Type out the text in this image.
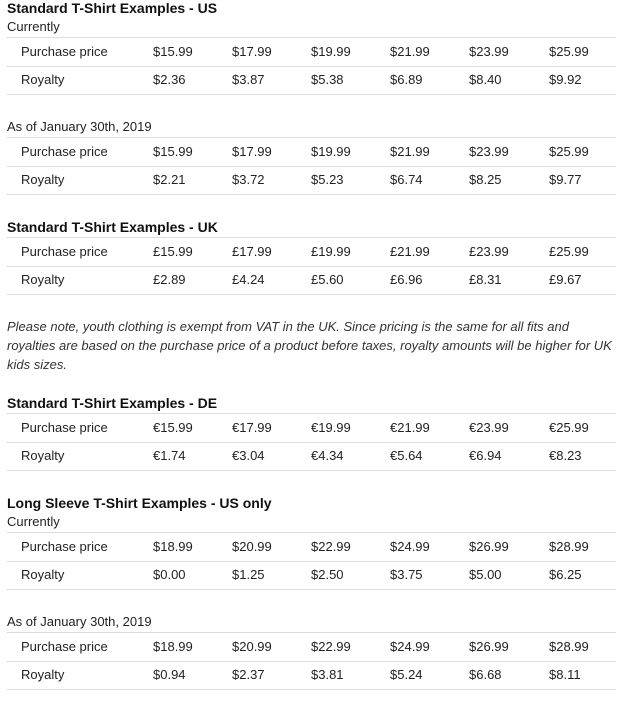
Standard T-Shirt Examples - US
Currently
Purchase price	$15.99	$17.99	$19.99	$21.99	$23.99	$25.99
Royalty	$2.36	$3.87	$5.38	$6.89	$8.40	$9.92
As of January 30th, 2019
Purchase price	$15.99	$17.99	$19.99	$21.99	$23.99	$25.99
Royalty	$2.21	$3.72	$5.23	$6.74	$8.25	$9.77
Standard T-Shirt Examples - UK
Purchase price	£15.99	£17.99	£19.99	£21.99	£23.99	£25.99
Royalty	£2.89	£4.24	£5.60	£6.96	£8.31	£9.67
Please note, youth clothing is exempt from VAT in the UK. Since pricing is the same for all fits and royalties are based on the purchase price of a product before taxes, royalty amounts will be higher for UK kids sizes.
Standard T-Shirt Examples - DE
Purchase price	€15.99	€17.99	€19.99	€21.99	€23.99	€25.99
Royalty	€1.74	€3.04	€4.34	€5.64	€6.94	€8.23
Long Sleeve T-Shirt Examples - US only
Currently
Purchase price	$18.99	$20.99	$22.99	$24.99	$26.99	$28.99
Royalty	$0.00	$1.25	$2.50	$3.75	$5.00	$6.25
As of January 30th, 2019
Purchase price	$18.99	$20.99	$22.99	$24.99	$26.99	$28.99
Royalty	$0.94	$2.37	$3.81	$5.24	$6.68	$8.11
